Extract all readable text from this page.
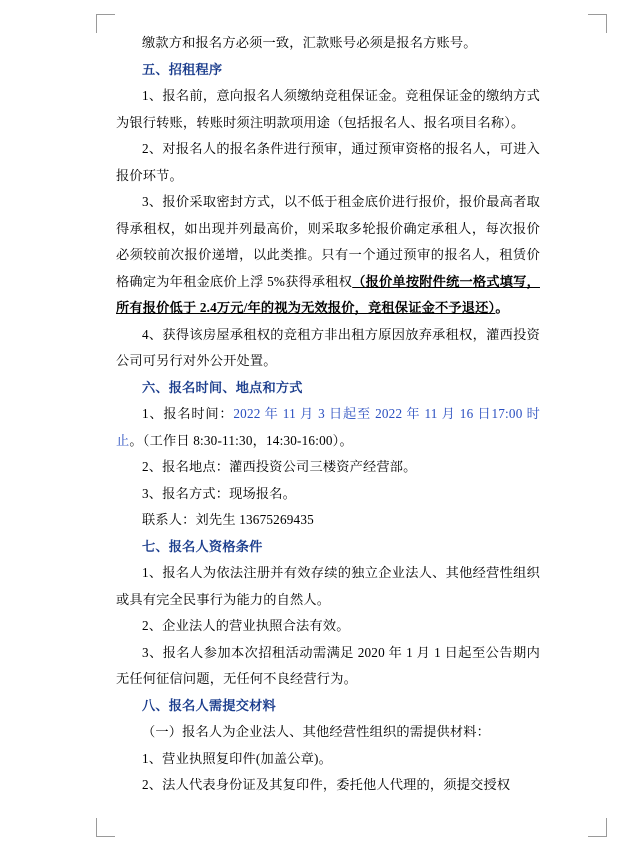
缴款方和报名方必须一致，汇款账号必须是报名方账号。

五、招租程序

1、报名前，意向报名人须缴纳竞租保证金。竞租保证金的缴纳方式为银行转账，转账时须注明款项用途（包括报名人、报名项目名称）。

2、对报名人的报名条件进行预审，通过预审资格的报名人，可进入报价环节。

3、报价采取密封方式，以不低于租金底价进行报价，报价最高者取得承租权，如出现并列最高价，则采取多轮报价确定承租人，每次报价必须较前次报价递增，以此类推。只有一个通过预审的报名人，租赁价格确定为年租金底价上浮 5%获得承租权（报价单按附件统一格式填写，所有报价低于 2.4万元/年的视为无效报价，竞租保证金不予退还）。

4、获得该房屋承租权的竞租方非出租方原因放弃承租权，灌西投资公司可另行对外公开处置。

六、报名时间、地点和方式

1、报名时间：2022 年 11 月 3 日起至 2022 年 11 月 16 日17:00 时止。（工作日 8:30-11:30，14:30-16:00）。

2、报名地点：灌西投资公司三楼资产经营部。

3、报名方式：现场报名。

联系人：刘先生 13675269435

七、报名人资格条件

1、报名人为依法注册并有效存续的独立企业法人、其他经营性组织或具有完全民事行为能力的自然人。

2、企业法人的营业执照合法有效。

3、报名人参加本次招租活动需满足 2020 年 1 月 1 日起至公告期内无任何征信问题，无任何不良经营行为。

八、报名人需提交材料

（一）报名人为企业法人、其他经营性组织的需提供材料：

1、营业执照复印件(加盖公章)。

2、法人代表身份证及其复印件，委托他人代理的，须提交授权
